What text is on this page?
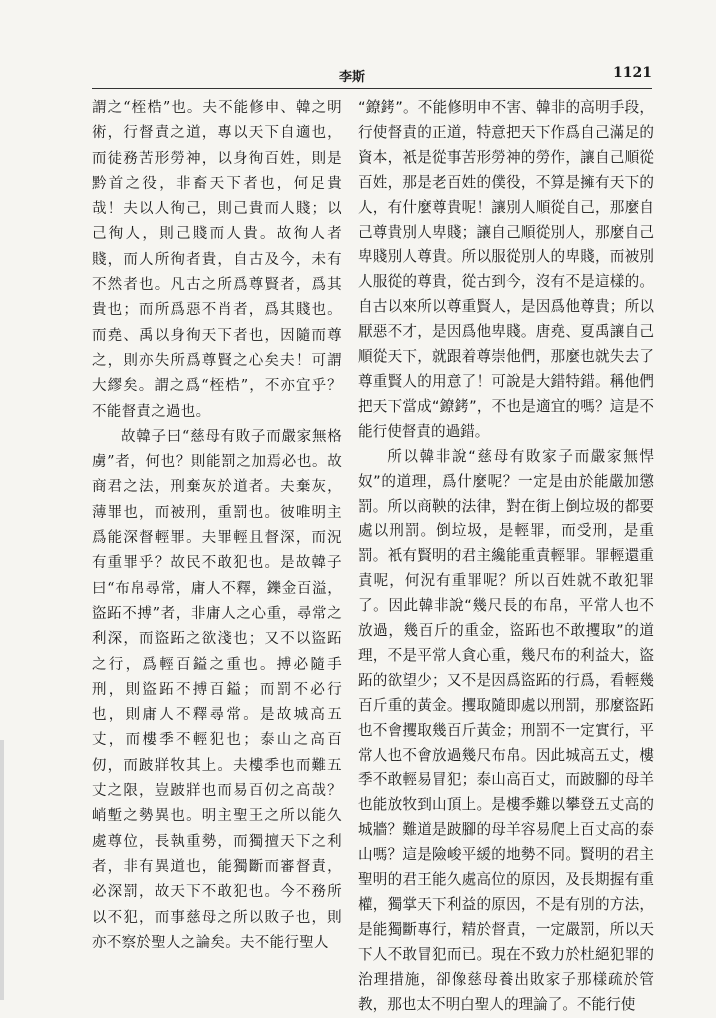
李斯	1121

謂之“桎梏”也。夫不能修申、韓之明術，行督責之道，專以天下自適也，而徒務苦形勞神，以身徇百姓，則是黔首之役，非畜天下者也，何足貴哉！夫以人徇己，則己貴而人賤；以己徇人，則己賤而人貴。故徇人者賤，而人所徇者貴，自古及今，未有不然者也。凡古之所爲尊賢者，爲其貴也；而所爲惡不肖者，爲其賤也。而堯、禹以身徇天下者也，因隨而尊之，則亦失所爲尊賢之心矣夫！可謂大繆矣。謂之爲“桎梏”，不亦宜乎？不能督責之過也。

故韓子曰“慈母有敗子而嚴家無格虜”者，何也？則能罰之加焉必也。故商君之法，刑棄灰於道者。夫棄灰，薄罪也，而被刑，重罰也。彼唯明主爲能深督輕罪。夫罪輕且督深，而況有重罪乎？故民不敢犯也。是故韓子曰“布帛尋常，庸人不釋，鑠金百溢，盜跖不搏”者，非庸人之心重，尋常之利深，而盜跖之欲淺也；又不以盜跖之行，爲輕百鎰之重也。搏必隨手刑，則盜跖不搏百鎰；而罰不必行也，則庸人不釋尋常。是故城高五丈，而樓季不輕犯也；泰山之高百仞，而跛牂牧其上。夫樓季也而難五丈之限，豈跛牂也而易百仞之高哉？峭塹之勢異也。明主聖王之所以能久處尊位，長執重勢，而獨擅天下之利者，非有異道也，能獨斷而審督責，必深罰，故天下不敢犯也。今不務所以不犯，而事慈母之所以敗子也，則亦不察於聖人之論矣。夫不能行聖人

“鐐銬”。不能修明申不害、韓非的高明手段，行使督責的正道，特意把天下作爲自己滿足的資本，衹是從事苦形勞神的勞作，讓自己順從百姓，那是老百姓的僕役，不算是擁有天下的人，有什麼尊貴呢！讓別人順從自己，那麼自己尊貴別人卑賤；讓自己順從別人，那麼自己卑賤別人尊貴。所以服從別人的卑賤，而被別人服從的尊貴，從古到今，沒有不是這樣的。自古以來所以尊重賢人，是因爲他尊貴；所以厭惡不才，是因爲他卑賤。唐堯、夏禹讓自己順從天下，就跟着尊崇他們，那麼也就失去了尊重賢人的用意了！可說是大錯特錯。稱他們把天下當成“鐐銬”，不也是適宜的嗎？這是不能行使督責的過錯。

所以韓非說“慈母有敗家子而嚴家無悍奴”的道理，爲什麼呢？一定是由於能嚴加懲罰。所以商鞅的法律，對在街上倒垃圾的都要處以刑罰。倒垃圾，是輕罪，而受刑，是重罰。衹有賢明的君主纔能重責輕罪。罪輕還重責呢，何況有重罪呢？所以百姓就不敢犯罪了。因此韓非說“幾尺長的布帛，平常人也不放過，幾百斤的重金，盜跖也不敢攫取”的道理，不是平常人貪心重，幾尺布的利益大，盜跖的欲望少；又不是因爲盜跖的行爲，看輕幾百斤重的黃金。攫取隨即處以刑罰，那麼盜跖也不會攫取幾百斤黃金；刑罰不一定實行，平常人也不會放過幾尺布帛。因此城高五丈，樓季不敢輕易冒犯；泰山高百丈，而跛腳的母羊也能放牧到山頂上。是樓季難以攀登五丈高的城牆？難道是跛腳的母羊容易爬上百丈高的泰山嗎？這是險峻平緩的地勢不同。賢明的君主聖明的君王能久處高位的原因，及長期握有重權，獨掌天下利益的原因，不是有別的方法，是能獨斷專行，精於督責，一定嚴罰，所以天下人不敢冒犯而已。現在不致力於杜絕犯罪的治理措施，卻像慈母養出敗家子那樣疏於管教，那也太不明白聖人的理論了。不能行使
